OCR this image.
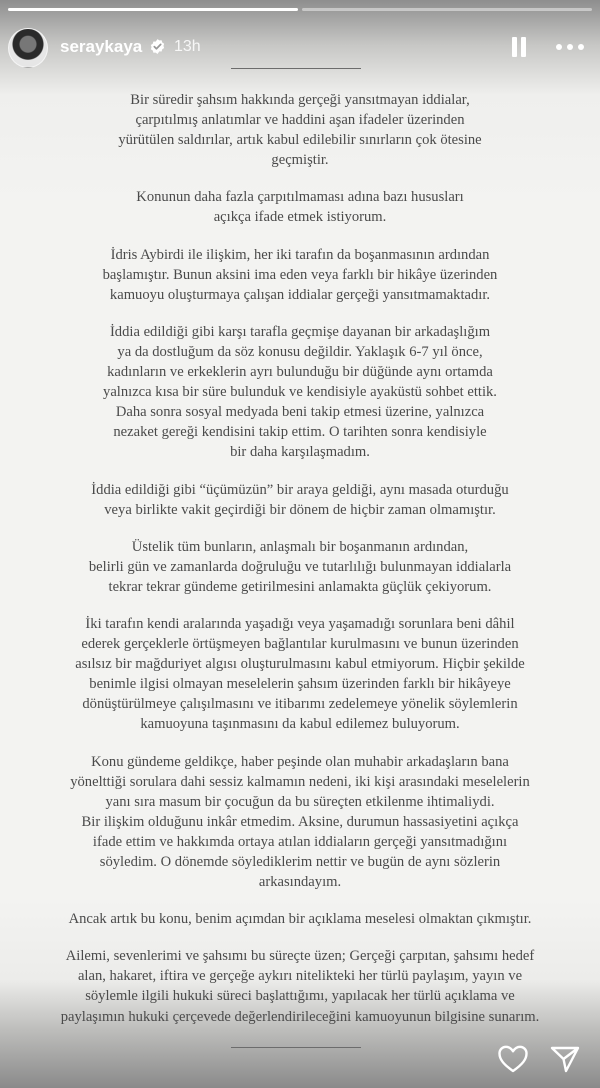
seraykaya 13h

Bir süredir şahsım hakkında gerçeği yansıtmayan iddialar,
çarpıtılmış anlatımlar ve haddini aşan ifadeler üzerinden
yürütülen saldırılar, artık kabul edilebilir sınırların çok ötesine
geçmiştir.

Konunun daha fazla çarpıtılmaması adına bazı hususları
açıkça ifade etmek istiyorum.

İdris Aybirdi ile ilişkim, her iki tarafın da boşanmasının ardından
başlamıştır. Bunun aksini ima eden veya farklı bir hikâye üzerinden
kamuoyu oluşturmaya çalışan iddialar gerçeği yansıtmamaktadır.

İddia edildiği gibi karşı tarafla geçmişe dayanan bir arkadaşlığım
ya da dostluğum da söz konusu değildir. Yaklaşık 6-7 yıl önce,
kadınların ve erkeklerin ayrı bulunduğu bir düğünde aynı ortamda
yalnızca kısa bir süre bulunduk ve kendisiyle ayaküstü sohbet ettik.
Daha sonra sosyal medyada beni takip etmesi üzerine, yalnızca
nezaket gereği kendisini takip ettim. O tarihten sonra kendisiyle
bir daha karşılaşmadım.

İddia edildiği gibi “üçümüzün” bir araya geldiği, aynı masada oturduğu
veya birlikte vakit geçirdiği bir dönem de hiçbir zaman olmamıştır.

Üstelik tüm bunların, anlaşmalı bir boşanmanın ardından,
belirli gün ve zamanlarda doğruluğu ve tutarlılığı bulunmayan iddialarla
tekrar tekrar gündeme getirilmesini anlamakta güçlük çekiyorum.

İki tarafın kendi aralarında yaşadığı veya yaşamadığı sorunlara beni dâhil
ederek gerçeklerle örtüşmeyen bağlantılar kurulmasını ve bunun üzerinden
asılsız bir mağduriyet algısı oluşturulmasını kabul etmiyorum. Hiçbir şekilde
benimle ilgisi olmayan meselelerin şahsım üzerinden farklı bir hikâyeye
dönüştürülmeye çalışılmasını ve itibarımı zedelemeye yönelik söylemlerin
kamuoyuna taşınmasını da kabul edilemez buluyorum.

Konu gündeme geldikçe, haber peşinde olan muhabir arkadaşların bana
yönelttiği sorulara dahi sessiz kalmamın nedeni, iki kişi arasındaki meselelerin
yanı sıra masum bir çocuğun da bu süreçten etkilenme ihtimaliydi.
Bir ilişkim olduğunu inkâr etmedim. Aksine, durumun hassasiyetini açıkça
ifade ettim ve hakkımda ortaya atılan iddiaların gerçeği yansıtmadığını
söyledim. O dönemde söylediklerim nettir ve bugün de aynı sözlerin
arkasındayım.

Ancak artık bu konu, benim açımdan bir açıklama meselesi olmaktan çıkmıştır.

Ailemi, sevenlerimi ve şahsımı bu süreçte üzen; Gerçeği çarpıtan, şahsımı hedef
alan, hakaret, iftira ve gerçeğe aykırı nitelikteki her türlü paylaşım, yayın ve
söylemle ilgili hukuki süreci başlattığımı, yapılacak her türlü açıklama ve
paylaşımın hukuki çerçevede değerlendirileceğini kamuoyunun bilgisine sunarım.
